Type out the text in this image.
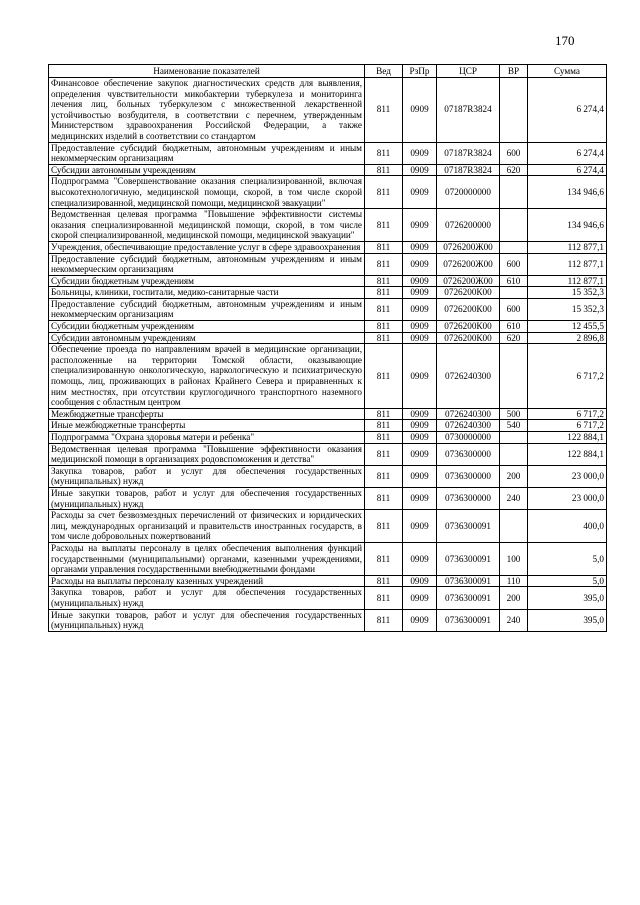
170
Наименование показателей	Вед	РзПр	ЦСР	ВР	Сумма
Финансовое обеспечение закупок диагностических средств для выявления, определения чувствительности микобактерии туберкулеза и мониторинга лечения лиц, больных туберкулезом с множественной лекарственной устойчивостью возбудителя, в соответствии с перечнем, утвержденным Министерством здравоохранения Российской Федерации, а также медицинских изделий в соответствии со стандартом	811	0909	07187R3824		6 274,4
Предоставление субсидий бюджетным, автономным учреждениям и иным некоммерческим организациям	811	0909	07187R3824	600	6 274,4
Субсидии автономным учреждениям	811	0909	07187R3824	620	6 274,4
Подпрограмма "Совершенствование оказания специализированной, включая высокотехнологичную, медицинской помощи, скорой, в том числе скорой специализированной, медицинской помощи, медицинской эвакуации"	811	0909	0720000000		134 946,6
Ведомственная целевая программа "Повышение эффективности системы оказания специализированной медицинской помощи, скорой, в том числе скорой специализированной, медицинской помощи, медицинской эвакуации"	811	0909	0726200000		134 946,6
Учреждения, обеспечивающие предоставление услуг в сфере здравоохранения	811	0909	0726200Ж00		112 877,1
Предоставление субсидий бюджетным, автономным учреждениям и иным некоммерческим организациям	811	0909	0726200Ж00	600	112 877,1
Субсидии бюджетным учреждениям	811	0909	0726200Ж00	610	112 877,1
Больницы, клиники, госпитали, медико-санитарные части	811	0909	0726200К00		15 352,3
Предоставление субсидий бюджетным, автономным учреждениям и иным некоммерческим организациям	811	0909	0726200К00	600	15 352,3
Субсидии бюджетным учреждениям	811	0909	0726200К00	610	12 455,5
Субсидии автономным учреждениям	811	0909	0726200К00	620	2 896,8
Обеспечение проезда по направлениям врачей в медицинские организации, расположенные на территории Томской области, оказывающие специализированную онкологическую, наркологическую и психиатрическую помощь, лиц, проживающих в районах Крайнего Севера и приравненных к ним местностях, при отсутствии круглогодичного транспортного наземного сообщения с областным центром	811	0909	0726240300		6 717,2
Межбюджетные трансферты	811	0909	0726240300	500	6 717,2
Иные межбюджетные трансферты	811	0909	0726240300	540	6 717,2
Подпрограмма "Охрана здоровья матери и ребенка"	811	0909	0730000000		122 884,1
Ведомственная целевая программа "Повышение эффективности оказания медицинской помощи в организациях родовспоможения и детства"	811	0909	0736300000		122 884,1
Закупка товаров, работ и услуг для обеспечения государственных (муниципальных) нужд	811	0909	0736300000	200	23 000,0
Иные закупки товаров, работ и услуг для обеспечения государственных (муниципальных) нужд	811	0909	0736300000	240	23 000,0
Расходы за счет безвозмездных перечислений от физических и юридических лиц, международных организаций и правительств иностранных государств, в том числе добровольных пожертвований	811	0909	0736300091		400,0
Расходы на выплаты персоналу в целях обеспечения выполнения функций государственными (муниципальными) органами, казенными учреждениями, органами управления государственными внебюджетными фондами	811	0909	0736300091	100	5,0
Расходы на выплаты персоналу казенных учреждений	811	0909	0736300091	110	5,0
Закупка товаров, работ и услуг для обеспечения государственных (муниципальных) нужд	811	0909	0736300091	200	395,0
Иные закупки товаров, работ и услуг для обеспечения государственных (муниципальных) нужд	811	0909	0736300091	240	395,0
